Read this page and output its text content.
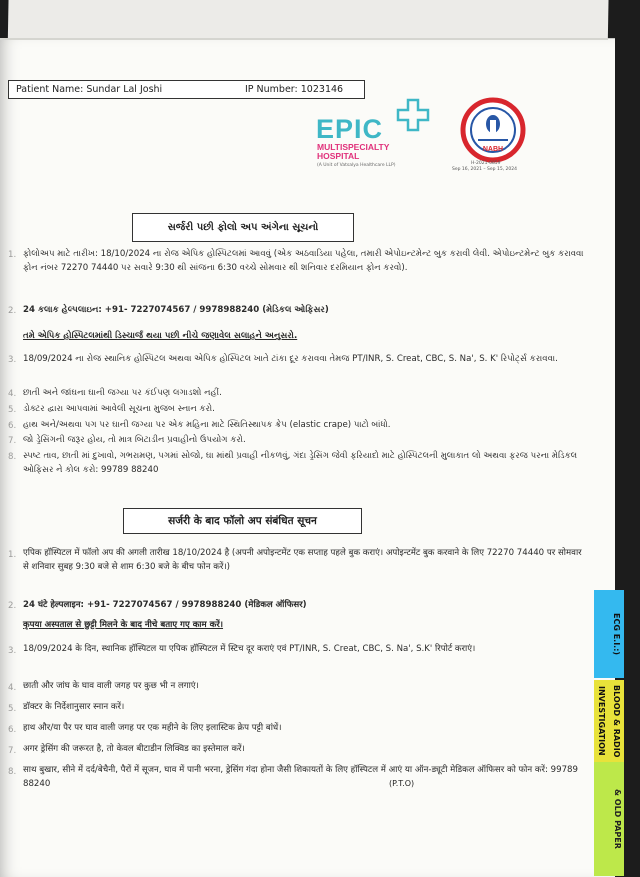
Patient Name: Sundar Lal Joshi	IP Number: 1023146
EPIC
MULTISPECIALTY
HOSPITAL
(A Unit of Vatsalya Healthcare LLP)
NABH
H-2021-0859
Sep 16, 2021 – Sep 15, 2024
સર્જરી પછી ફોલો અપ અંગેના સૂચનો
1. ફોલોઅપ માટે તારીખ: 18/10/2024 ના રોજ એપિક હોસ્પિટલમાં આવવું (એક અઠવાડિયા પહેલા, તમારી એપોઇન્ટમેન્ટ બુક કરાવી લેવી. એપોઇન્ટમેન્ટ બુક કરાવવા ફોન નંબર 72270 74440 પર સવારે 9:30 થી સાંજના 6:30 વચ્ચે સોમવાર થી શનિવાર દરમિયાન ફોન કરવો).

2. 24 કલાક હેલ્પલાઇન: +91- 7227074567 / 9978988240 (મેડિકલ ઓફિસર)

તમે એપિક હોસ્પિટલમાંથી ડિસ્ચાર્જ થયા પછી નીચે જણાવેલ સલાહને અનુસરો.

3. 18/09/2024 ના રોજ સ્થાનિક હોસ્પિટલ અથવા એપિક હોસ્પિટલ ખાતે ટાંકા દૂર કરાવવા તેમજ PT/INR, S. Creat, CBC, S. Na', S. K' રિપોર્ટ્સ કરાવવા.

4. છાતી અને જાંઘના ઘાની જગ્યા પર કંઈપણ લગાડશો નહીં.

5. ડોક્ટર દ્વારા આપવામાં આવેલી સૂચના મુજબ સ્નાન કરો.

6. હાથ અને/અથવા પગ પર ઘાની જગ્યા પર એક મહિના માટે સ્થિતિસ્થાપક ક્રેપ (elastic crape) પાટો બાંધો.

7. જો ડ્રેસિંગની જરૂર હોય, તો માત્ર બિટાડીન પ્રવાહીનો ઉપયોગ કરો.

8. સ્પષ્ટ તાવ, છાતી માં દુખાવો, ગભરામણ, પગમાં સોજો, ઘા માંથી પ્રવાહી નીકળવું, ગંદા ડ્રેસિંગ જેવી ફરિયાદો માટે હોસ્પિટલની મુલાકાત લો અથવા ફરજ પરના મેડિકલ ઓફિસર ને કોલ કરો: 99789 88240

सर्जरी के बाद फॉलो अप संबंधित सूचन
1. एपिक हॉस्पिटल में फॉलो अप की अगली तारीख 18/10/2024 है (अपनी अपोइन्टमेंट एक सप्ताह पहले बुक कराएं। अपोइन्टमेंट बुक करवाने के लिए 72270 74440 पर सोमवार से शनिवार सुबह 9:30 बजे से शाम 6:30 बजे के बीच फोन करें।)

2. 24 घंटे हेल्पलाइन: +91- 7227074567 / 9978988240 (मेडिकल ऑफिसर)

कृपया अस्पताल से छुट्टी मिलने के बाद नीचे बताए गए काम करें।

3. 18/09/2024 के दिन, स्थानिक हॉस्पिटल या एपिक हॉस्पिटल में स्टिच दूर कराएं एवं PT/INR, S. Creat, CBC, S. Na', S.K' रिपोर्ट कराएं।

4. छाती और जांघ के घाव वाली जगह पर कुछ भी न लगाएं।

5. डॉक्टर के निर्देशानुसार स्नान करें।

6. हाथ और/या पैर पर घाव वाली जगह पर एक महीने के लिए इलास्टिक क्रेप पट्टी बांधें।

7. अगर ड्रेसिंग की जरूरत है, तो केवल बीटाडीन लिक्विड का इस्तेमाल करें।

8. साथ बुखार, सीने में दर्द/बेचैनी, पैरों में सूजन, घाव में पानी भरना, ड्रेसिंग गंदा होना जैसी शिकायतों के लिए हॉस्पिटल में आएं या ऑन-ड्यूटी मेडिकल ऑफिसर को फोन करें: 99789 88240	(P.T.O)
ECG E.I.:)
BLOOD & RADIO INVESTIGATION
& OLD PAPER
